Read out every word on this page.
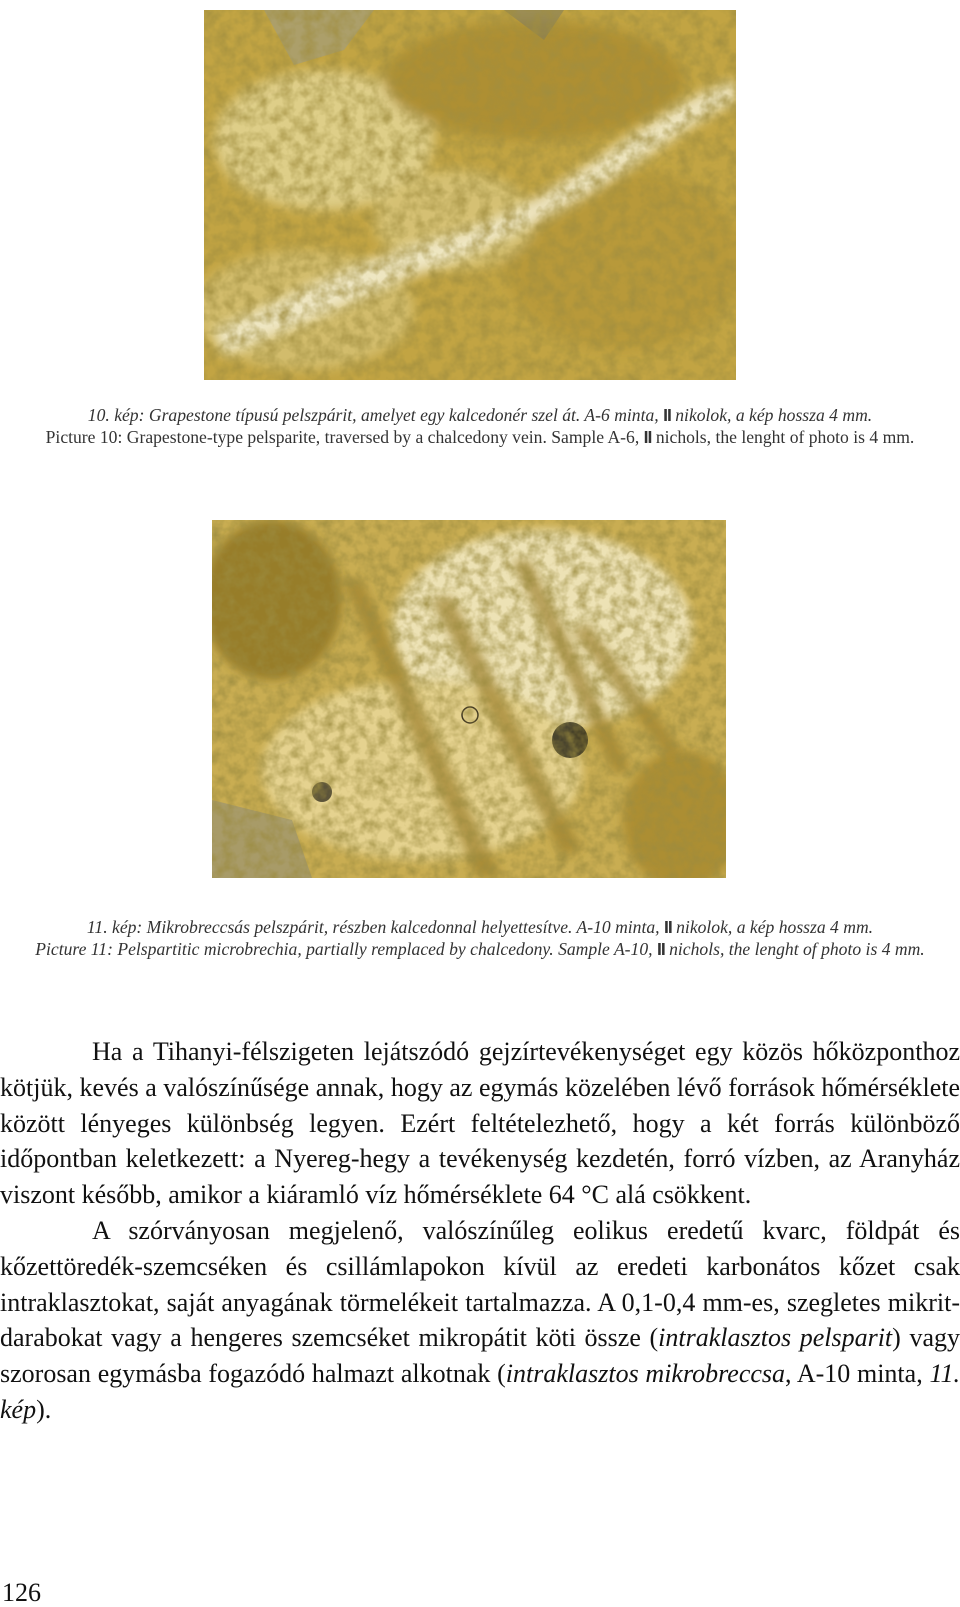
10. kép: Grapestone típusú pelszpárit, amelyet egy kalcedonér szel át. A-6 minta, II nikolok, a kép hossza 4 mm.

Picture 10: Grapestone-type pelsparite, traversed by a chalcedony vein. Sample A-6, II nichols, the lenght of photo is 4 mm.

11. kép: Mikrobreccsás pelszpárit, részben kalcedonnal helyettesítve. A-10 minta, II nikolok, a kép hossza 4 mm.

Picture 11: Pelspartitic microbrechia, partially remplaced by chalcedony. Sample A-10, II nichols, the lenght of photo is 4 mm.

Ha a Tihanyi-félszigeten lejátszódó gejzírtevékenységet egy közös hőközponthoz kötjük, kevés a valószínűsége annak, hogy az egymás közelében lévő források hőmérséklete között lényeges különbség legyen. Ezért feltételezhető, hogy a két forrás különböző időpontban keletkezett: a Nyereg-hegy a tevékenység kezdetén, forró vízben, az Aranyház viszont később, amikor a kiáramló víz hőmérséklete 64 °C alá csökkent.

A szórványosan megjelenő, valószínűleg eolikus eredetű kvarc, földpát és kőzettöredék-szemcséken és csillámlapokon kívül az eredeti karbonátos kőzet csak intraklasztokat, saját anyagának törmelékeit tartalmazza. A 0,1-0,4 mm-es, szegletes mikrit-darabokat vagy a hengeres szemcséket mikropátit köti össze (intraklasztos pelsparit) vagy szorosan egymásba fogazódó halmazt alkotnak (intraklasztos mikrobreccsa, A-10 minta, 11. kép).

126
